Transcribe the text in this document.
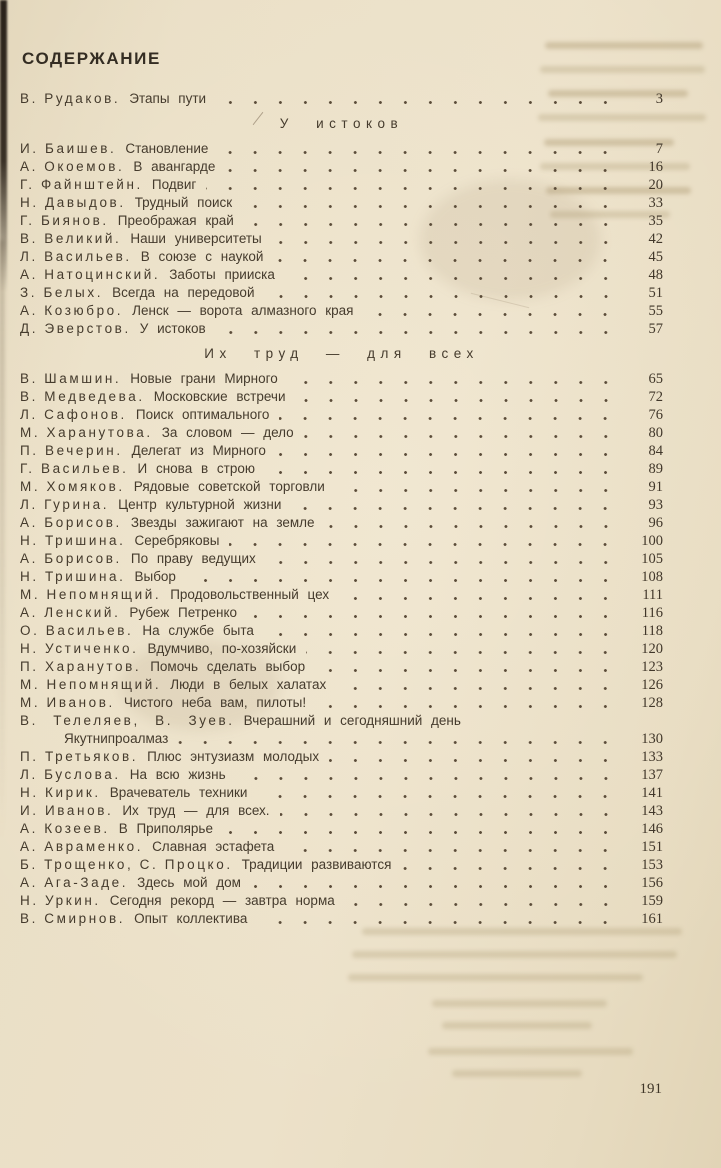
СОДЕРЖАНИЕ
В. Рудаков. Этапы пути	3
У истоков
И. Баишев. Становление	7
А. Окоемов. В авангарде	16
Г. Файнштейн. Подвиг	20
Н. Давыдов. Трудный поиск	33
Г. Биянов. Преображая край	35
В. Великий. Наши университеты	42
Л. Васильев. В союзе с наукой	45
А. Натоцинский. Заботы прииска	48
З. Белых. Всегда на передовой	51
А. Козюбро. Ленск — ворота алмазного края	55
Д. Эверстов. У истоков	57
Их труд — для всех
В. Шамшин. Новые грани Мирного	65
В. Медведева. Московские встречи	72
Л. Сафонов. Поиск оптимального	76
М. Харанутова. За словом — дело	80
П. Вечерин. Делегат из Мирного	84
Г. Васильев. И снова в строю	89
М. Хомяков. Рядовые советской торговли	91
Л. Гурина. Центр культурной жизни	93
А. Борисов. Звезды зажигают на земле	96
Н. Тришина. Серебряковы	100
А. Борисов. По праву ведущих	105
Н. Тришина. Выбор	108
М. Непомнящий. Продовольственный цех	111
А. Ленский. Рубеж Петренко	116
О. Васильев. На службе быта	118
Н. Устиченко. Вдумчиво, по-хозяйски	120
П. Харанутов. Помочь сделать выбор	123
М. Непомнящий. Люди в белых халатах	126
М. Иванов. Чистого неба вам, пилоты!	128
В. Телеляев, В. Зуев. Вчерашний и сегодняшний день
Якутнипроалмаз	130
П. Третьяков. Плюс энтузиазм молодых	133
Л. Буслова. На всю жизнь	137
Н. Кирик. Врачеватель техники	141
И. Иванов. Их труд — для всех.	143
А. Козеев. В Приполярье	146
А. Авраменко. Славная эстафета	151
Б. Трощенко, С. Процко. Традиции развиваются	153
А. Ага-Заде. Здесь мой дом	156
Н. Уркин. Сегодня рекорд — завтра норма	159
В. Смирнов. Опыт коллектива	161
191
